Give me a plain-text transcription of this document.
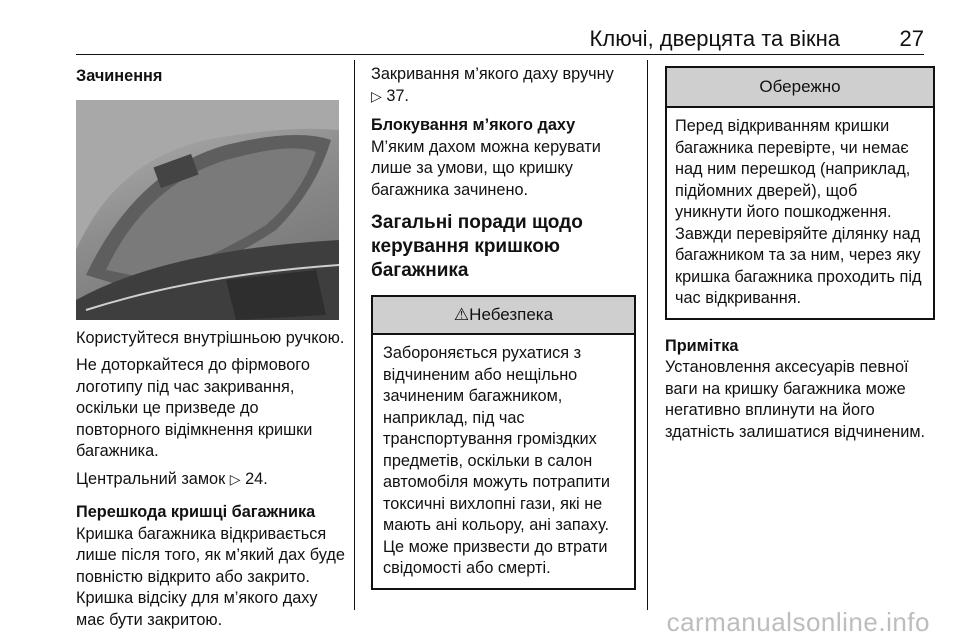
Ключі, дверцята та вікна	27

Зачинення

Користуйтеся внутрішньою ручкою.

Не доторкайтеся до фірмового
логотипу під час закривання,
оскільки це призведе до
повторного відімкнення кришки
багажника.

Центральний замок ▷ 24.

Перешкода кришці багажника

Кришка багажника відкривається
лише після того, як м’який дах буде
повністю відкрито або закрито.
Кришка відсіку для м’якого даху
має бути закритою.

Закривання м’якого даху вручну
▷ 37.

Блокування м’якого даху

М’яким дахом можна керувати
лише за умови, що кришку
багажника зачинено.

Загальні поради щодо
керування кришкою багажника

⚠Небезпека
Забороняється рухатися з
відчиненим або нещільно
зачиненим багажником,
наприклад, під час
транспортування громіздких
предметів, оскільки в салон
автомобіля можуть потрапити
токсичні вихлопні гази, які не
мають ані кольору, ані запаху.
Це може призвести до втрати
свідомості або смерті.
Обережно
Перед відкриванням кришки
багажника перевірте, чи немає
над ним перешкод (наприклад,
підйомних дверей), щоб
уникнути його пошкодження.
Завжди перевіряйте ділянку над
багажником та за ним, через яку
кришка багажника проходить під
час відкривання.

Примітка

Установлення аксесуарів певної
ваги на кришку багажника може
негативно вплинути на його
здатність залишатися відчиненим.

carmanualsonline.info
